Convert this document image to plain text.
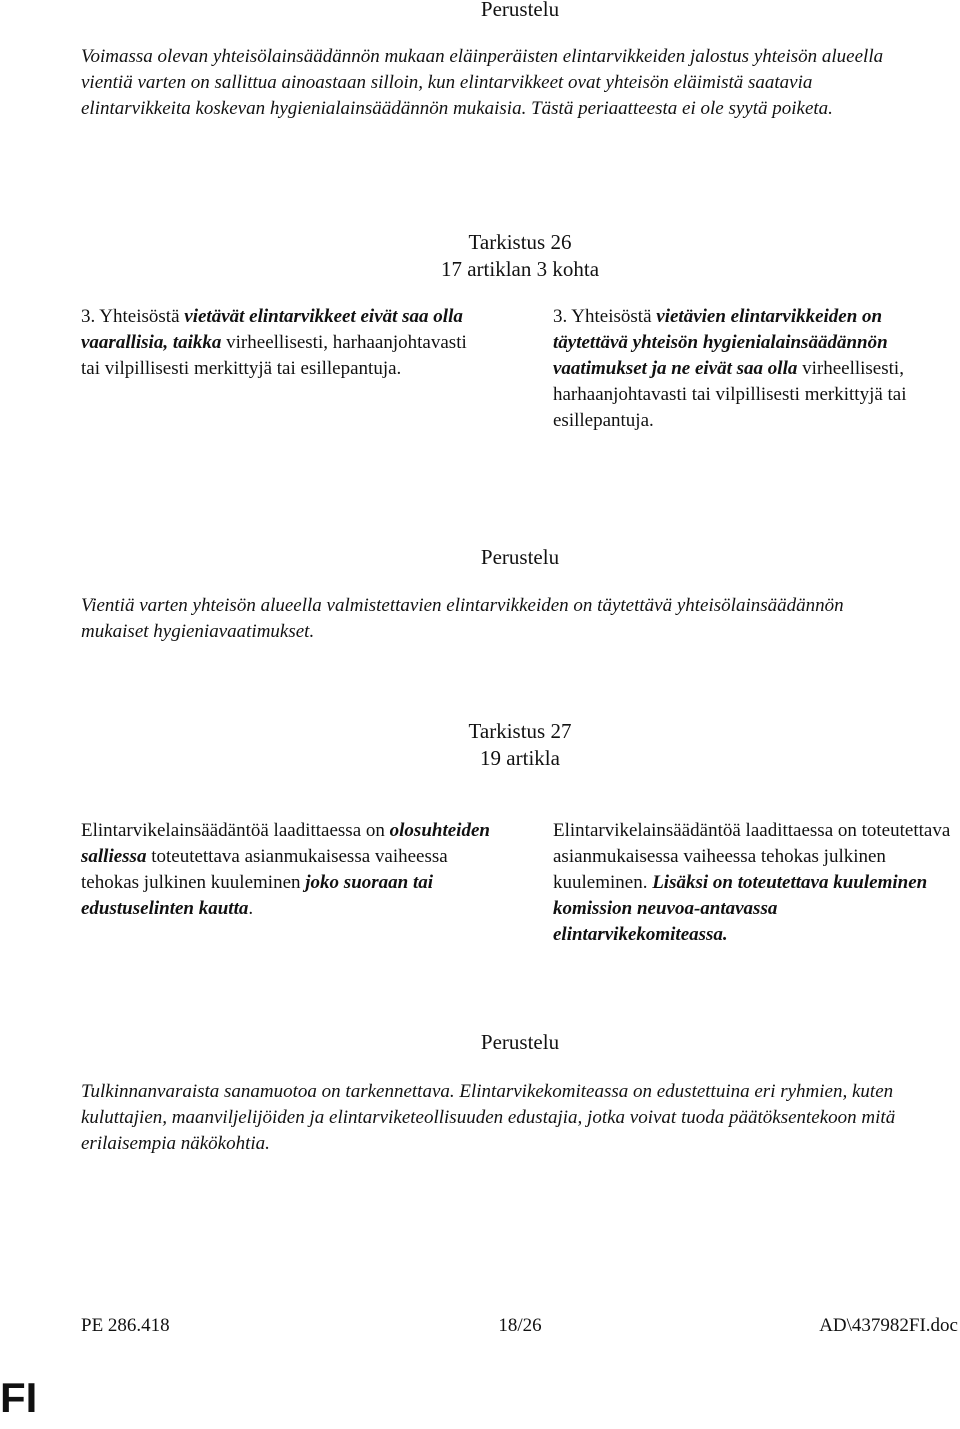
Perustelu
Voimassa olevan yhteisölainsäädännön mukaan eläinperäisten elintarvikkeiden jalostus yhteisön alueella vientiä varten on sallittua ainoastaan silloin, kun elintarvikkeet ovat yhteisön eläimistä saatavia elintarvikkeita koskevan hygienialainsäädännön mukaisia. Tästä periaatteesta ei ole syytä poiketa.
Tarkistus 26
17 artiklan 3 kohta
3. Yhteisöstä vietävät elintarvikkeet eivät saa olla vaarallisia, taikka virheellisesti, harhaanjohtavasti tai vilpillisesti merkittyjä tai esillepantuja.
3. Yhteisöstä vietävien elintarvikkeiden on täytettävä yhteisön hygienialainsäädännön vaatimukset ja ne eivät saa olla virheellisesti, harhaanjohtavasti tai vilpillisesti merkittyjä tai esillepantuja.
Perustelu
Vientiä varten yhteisön alueella valmistettavien elintarvikkeiden on täytettävä yhteisölainsäädännön mukaiset hygieniavaatimukset.
Tarkistus 27
19 artikla
Elintarvikelainsäädäntöä laadittaessa on olosuhteiden salliessa toteutettava asianmukaisessa vaiheessa tehokas julkinen kuuleminen joko suoraan tai edustuselinten kautta.
Elintarvikelainsäädäntöä laadittaessa on toteutettava asianmukaisessa vaiheessa tehokas julkinen kuuleminen. Lisäksi on toteutettava kuuleminen komission neuvoa-antavassa elintarvikekomiteassa.
Perustelu
Tulkinnanvaraista sanamuotoa on tarkennettava. Elintarvikekomiteassa on edustettuina eri ryhmien, kuten kuluttajien, maanviljelijöiden ja elintarviketeollisuuden edustajia, jotka voivat tuoda päätöksentekoon mitä erilaisempia näkökohtia.
PE 286.418	18/26	AD\437982FI.doc
FI
